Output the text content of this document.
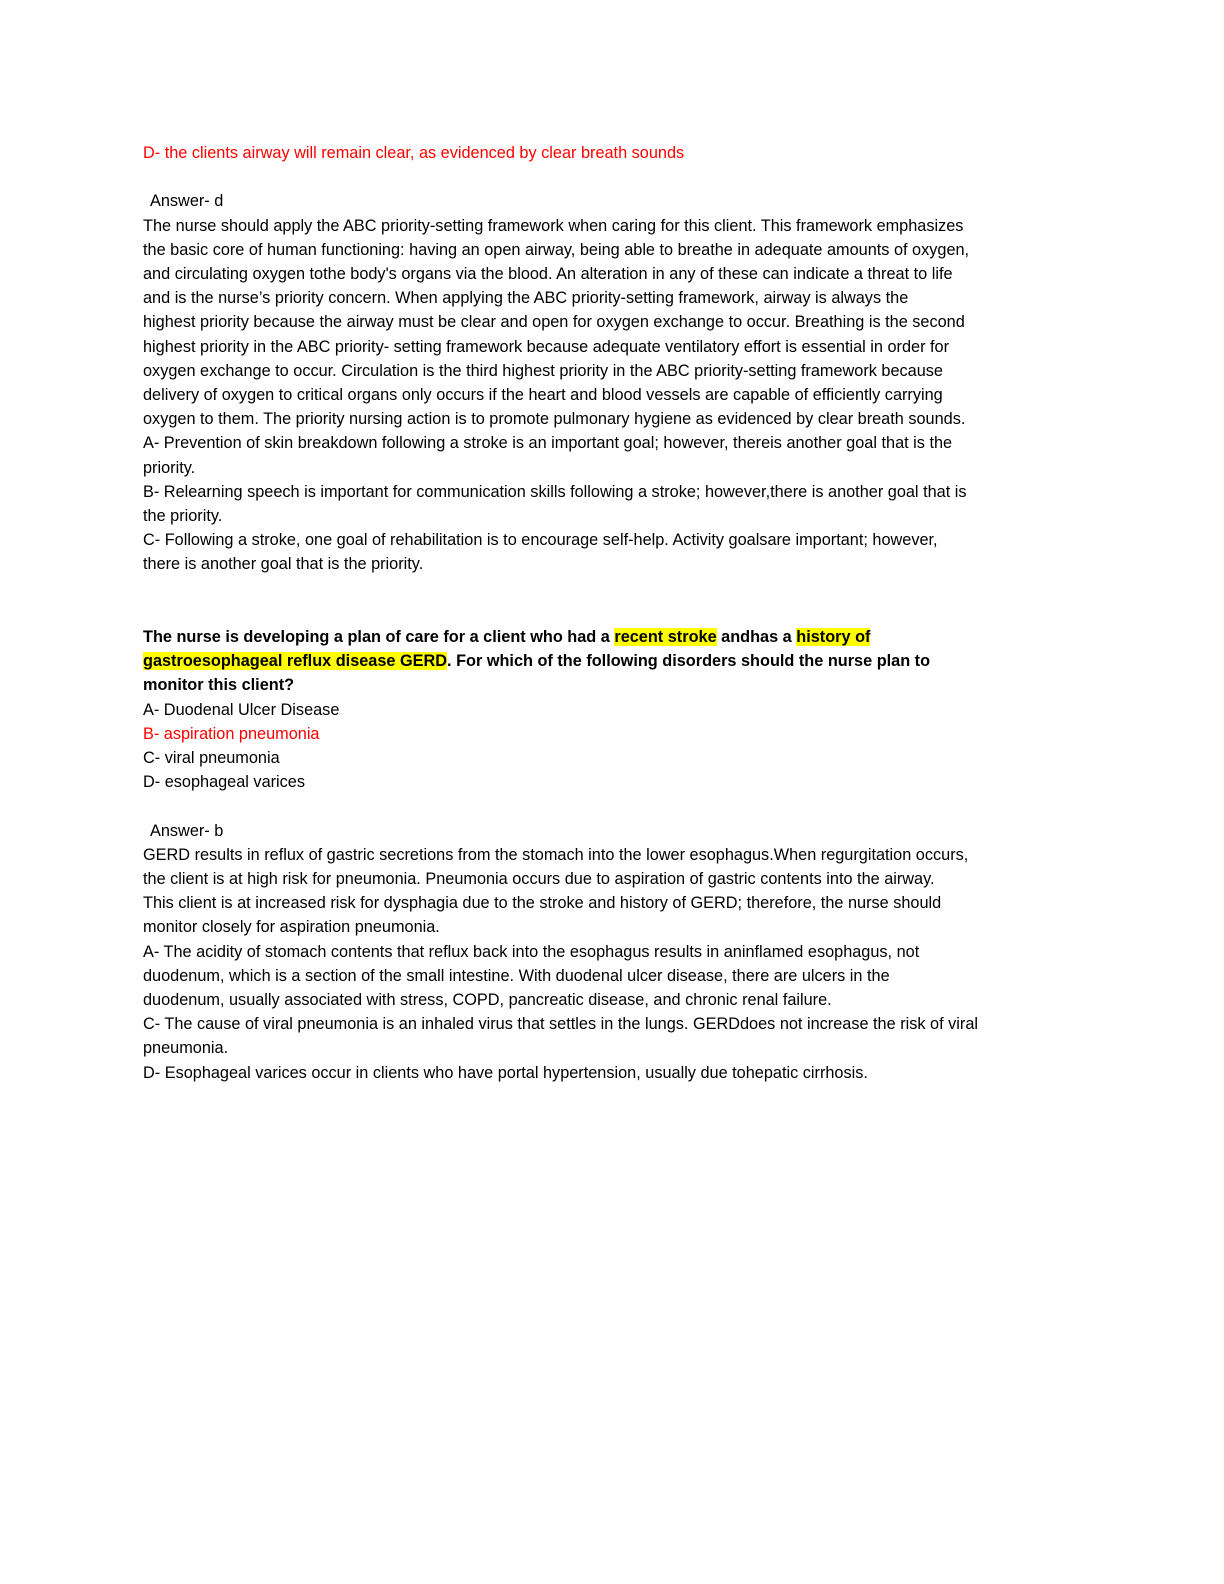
D- the clients airway will remain clear, as evidenced by clear breath sounds
Answer- d
The nurse should apply the ABC priority-setting framework when caring for this client. This framework emphasizes
the basic core of human functioning: having an open airway, being able to breathe in adequate amounts of oxygen,
and circulating oxygen tothe body's organs via the blood. An alteration in any of these can indicate a threat to life
and is the nurse’s priority concern. When applying the ABC priority-setting framework, airway is always the
highest priority because the airway must be clear and open for oxygen exchange to occur. Breathing is the second
highest priority in the ABC priority- setting framework because adequate ventilatory effort is essential in order for
oxygen exchange to occur. Circulation is the third highest priority in the ABC priority-setting framework because
delivery of oxygen to critical organs only occurs if the heart and blood vessels are capable of efficiently carrying
oxygen to them. The priority nursing action is to promote pulmonary hygiene as evidenced by clear breath sounds.
A- Prevention of skin breakdown following a stroke is an important goal; however, thereis another goal that is the
priority.
B- Relearning speech is important for communication skills following a stroke; however,there is another goal that is
the priority.
C- Following a stroke, one goal of rehabilitation is to encourage self-help. Activity goalsare important; however,
there is another goal that is the priority.
The nurse is developing a plan of care for a client who had a recent stroke andhas a history of
gastroesophageal reflux disease GERD. For which of the following disorders should the nurse plan to
monitor this client?
A- Duodenal Ulcer Disease
B- aspiration pneumonia
C- viral pneumonia
D- esophageal varices
Answer- b
GERD results in reflux of gastric secretions from the stomach into the lower esophagus.When regurgitation occurs,
the client is at high risk for pneumonia. Pneumonia occurs due to aspiration of gastric contents into the airway.
This client is at increased risk for dysphagia due to the stroke and history of GERD; therefore, the nurse should
monitor closely for aspiration pneumonia.
A- The acidity of stomach contents that reflux back into the esophagus results in aninflamed esophagus, not
duodenum, which is a section of the small intestine. With duodenal ulcer disease, there are ulcers in the
duodenum, usually associated with stress, COPD, pancreatic disease, and chronic renal failure.
C- The cause of viral pneumonia is an inhaled virus that settles in the lungs. GERDdoes not increase the risk of viral
pneumonia.
D- Esophageal varices occur in clients who have portal hypertension, usually due tohepatic cirrhosis.
